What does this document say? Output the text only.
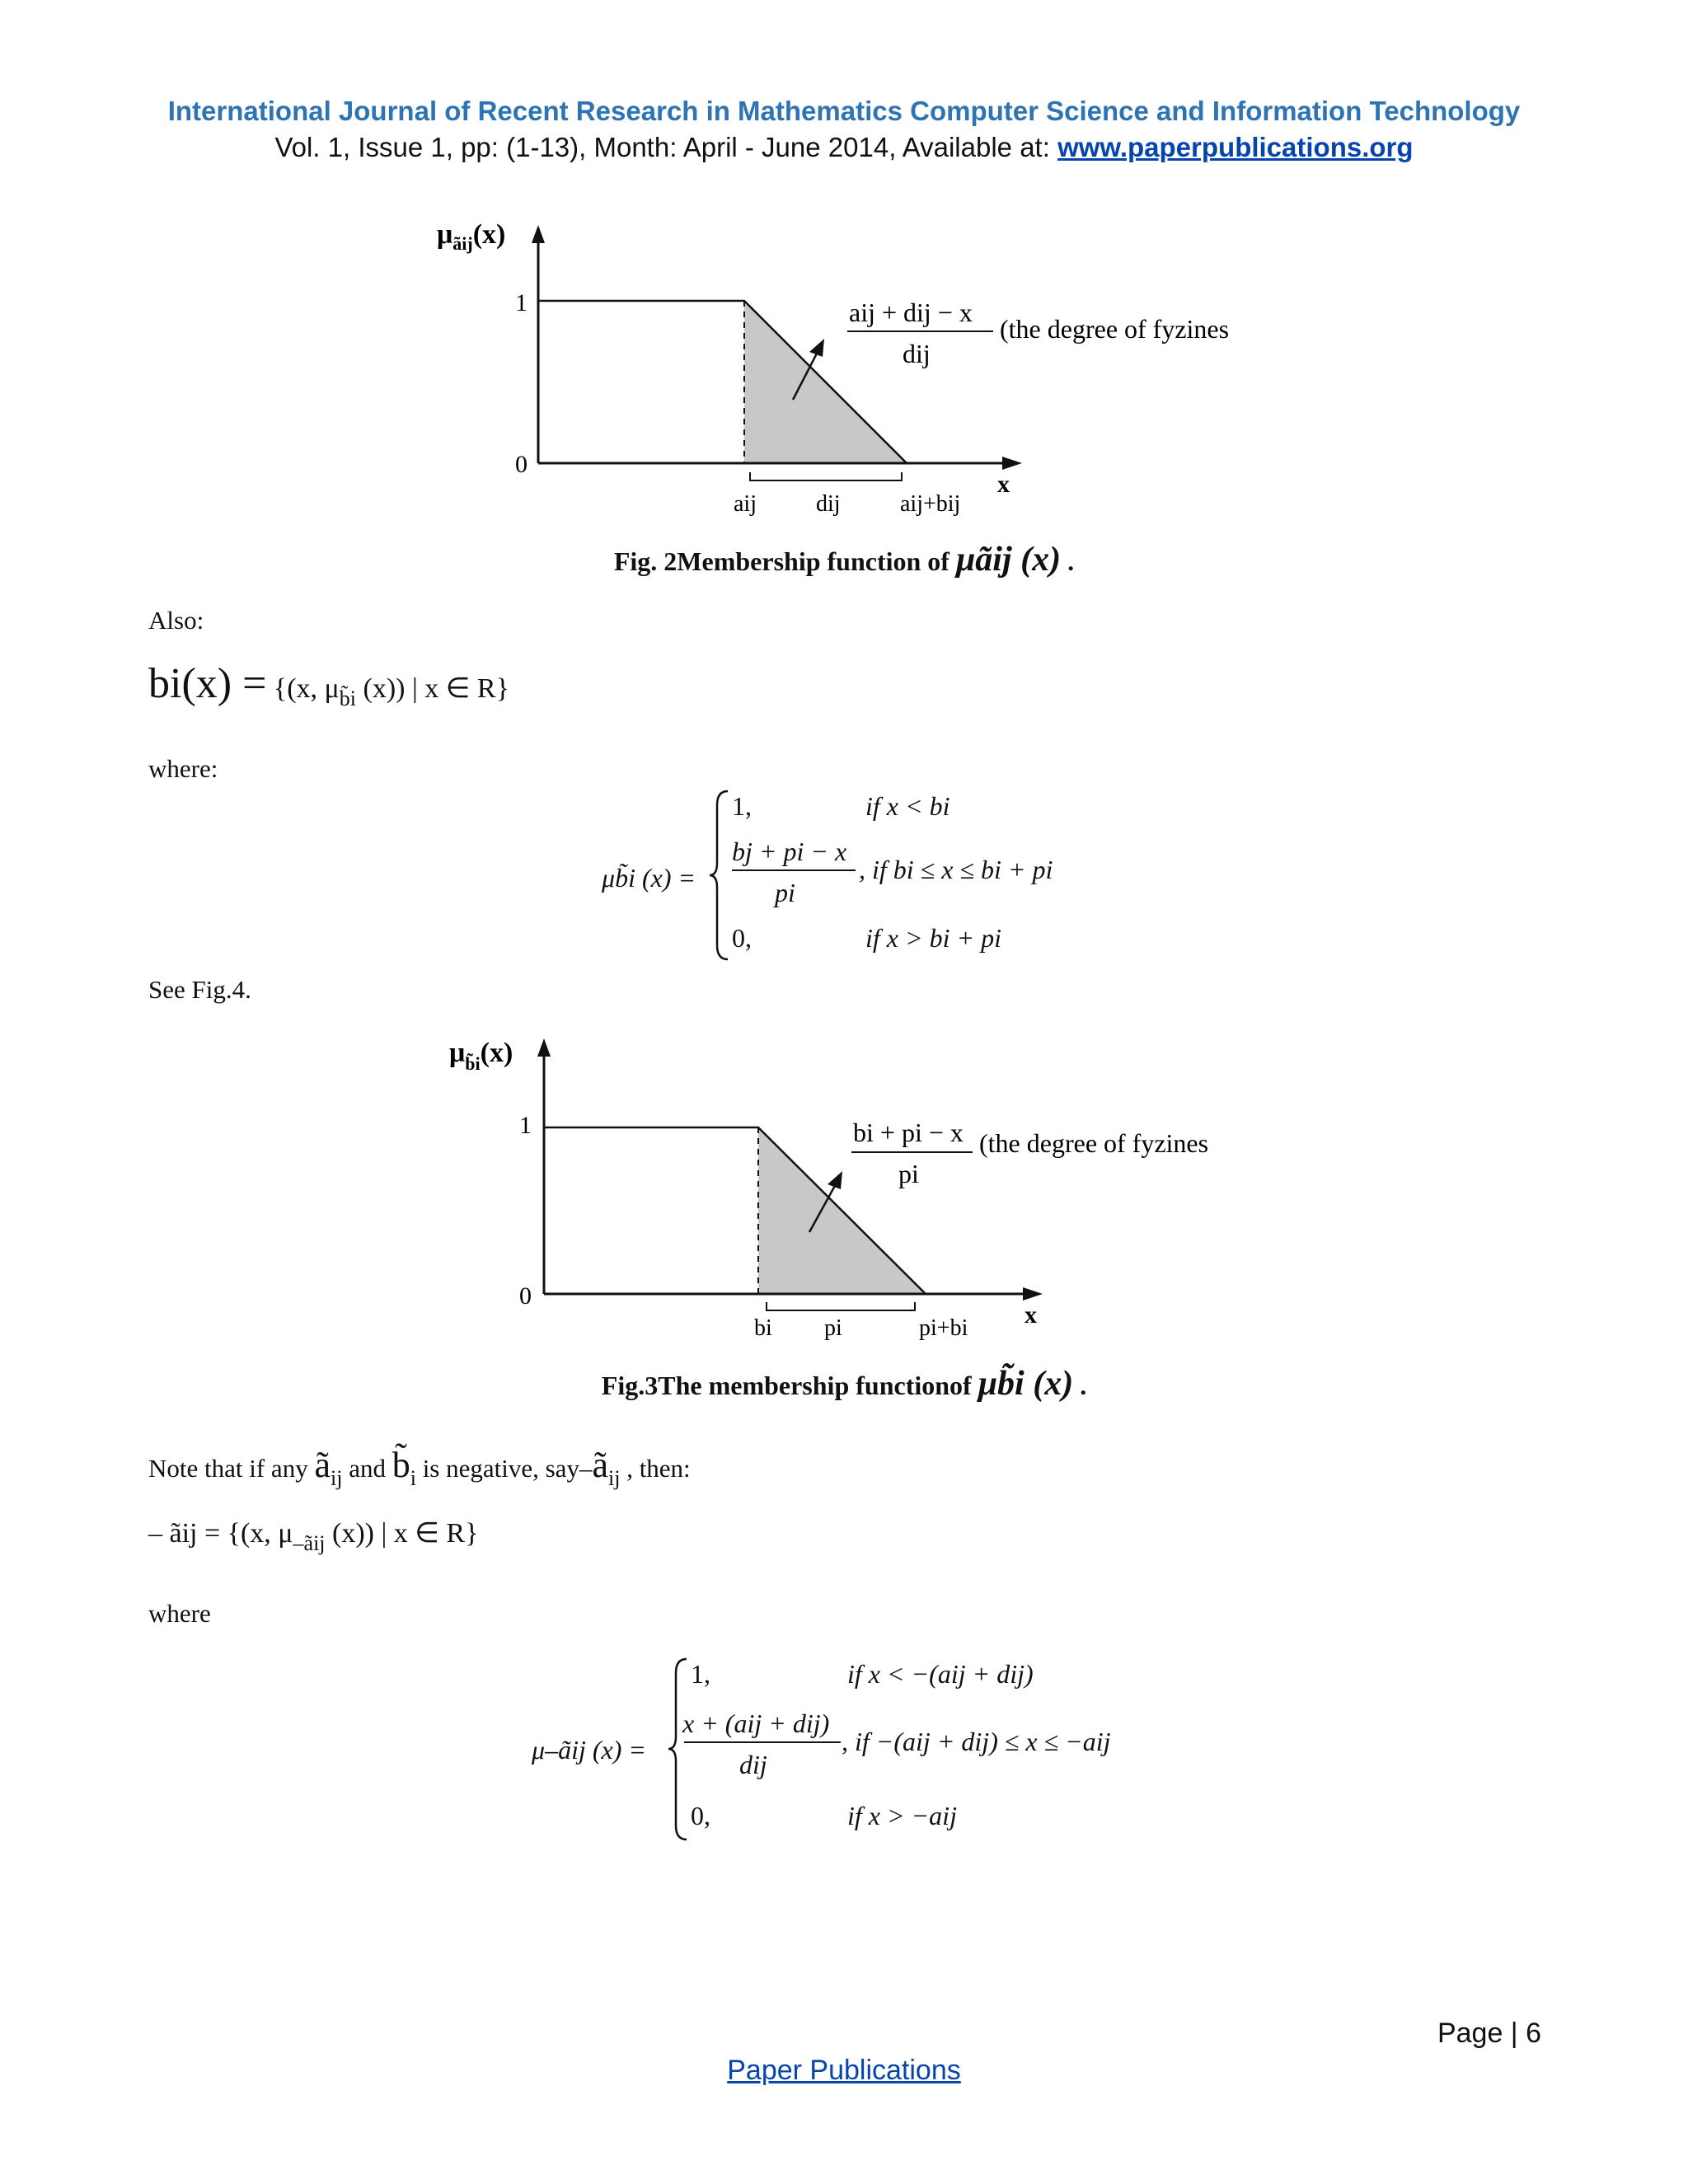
International Journal of Recent Research in Mathematics Computer Science and Information Technology
Vol. 1, Issue 1, pp: (1-13), Month: April - June 2014, Available at: www.paperpublications.org
$\mu_{ãij}(x)$
1
0
x
aij	dij	aij+bij
aij + dij − x
dij
(the degree of fyzines
Fig. 2Membership function of μãij (x) .
Also:
bi(x) = {(x, $\mu_{b̃i}$ (x)) | x ∈ R}
where:
μb̃i (x) =
1,	if x < bi
bj + pi − x
pi
, if bi ≤ x ≤ bi + pi
0,	if x > bi + pi
See Fig.4.
$\mu_{b̃i}(x)$
1
0
x
bi pi	pi+bi
bi + pi − x
pi
(the degree of fyzines
Fig.3The membership functionof μb̃i (x) .
Note that if any $ã_{ij}$ and $b̃_i$ is negative, say–$ã_{ij}$ , then:
– ãij = {(x, $\mu_{-ãij}$ (x)) | x ∈ R}
where
μ–ãij (x) =
1,	if x < −(aij + dij)
x + (aij + dij)
dij
, if −(aij + dij) ≤ x ≤ −aij
0,	if x > −aij
Page | 6
Paper Publications
